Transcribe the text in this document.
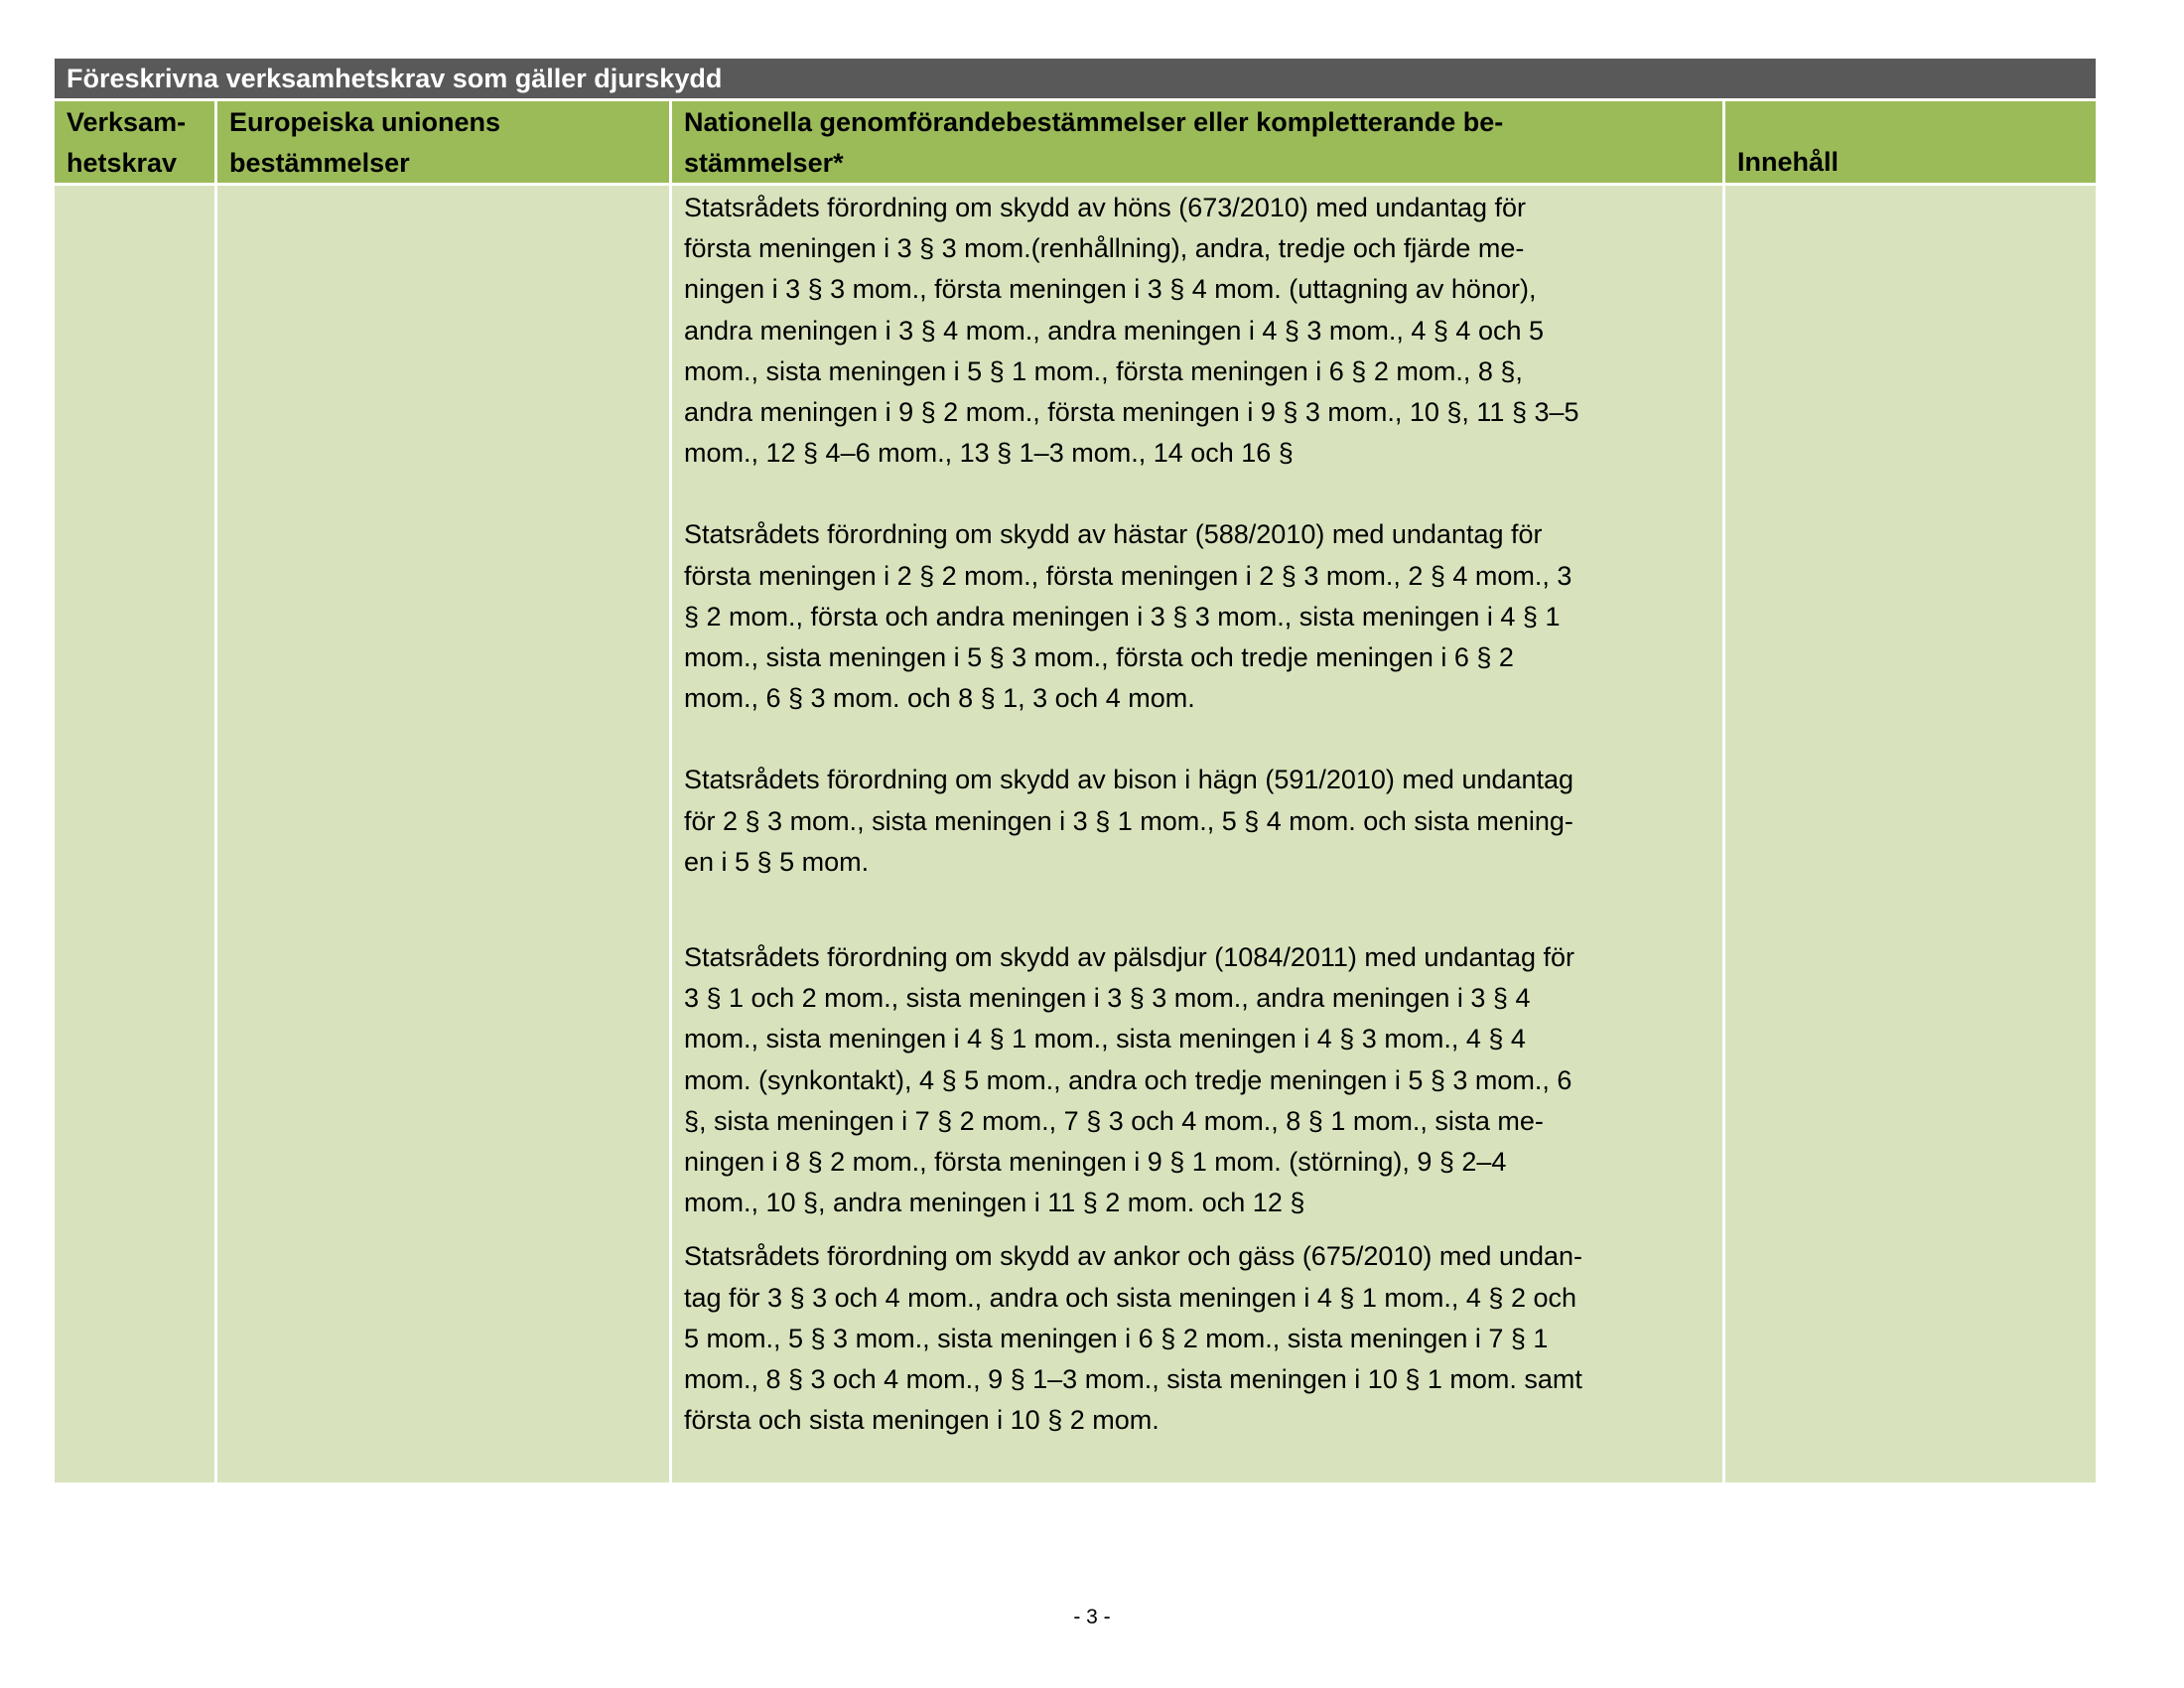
Föreskrivna verksamhetskrav som gäller djurskydd
Verksam-
hetskrav
Europeiska unionens
bestämmelser
Nationella genomförandebestämmelser eller kompletterande be-
stämmelser*	Innehåll

Statsrådets förordning om skydd av höns (673/2010) med undantag för

första meningen i 3 § 3 mom.(renhållning), andra, tredje och fjärde me-

ningen i 3 § 3 mom., första meningen i 3 § 4 mom. (uttagning av hönor),

andra meningen i 3 § 4 mom., andra meningen i 4 § 3 mom., 4 § 4 och 5

mom., sista meningen i 5 § 1 mom., första meningen i 6 § 2 mom., 8 §,

andra meningen i 9 § 2 mom., första meningen i 9 § 3 mom., 10 §, 11 § 3–5

mom., 12 § 4–6 mom., 13 § 1–3 mom., 14 och 16 §

Statsrådets förordning om skydd av hästar (588/2010) med undantag för

första meningen i 2 § 2 mom., första meningen i 2 § 3 mom., 2 § 4 mom., 3

§ 2 mom., första och andra meningen i 3 § 3 mom., sista meningen i 4 § 1

mom., sista meningen i 5 § 3 mom., första och tredje meningen i 6 § 2

mom., 6 § 3 mom. och 8 § 1, 3 och 4 mom.

Statsrådets förordning om skydd av bison i hägn (591/2010) med undantag

för 2 § 3 mom., sista meningen i 3 § 1 mom., 5 § 4 mom. och sista mening-

en i 5 § 5 mom.

Statsrådets förordning om skydd av pälsdjur (1084/2011) med undantag för

3 § 1 och 2 mom., sista meningen i 3 § 3 mom., andra meningen i 3 § 4

mom., sista meningen i 4 § 1 mom., sista meningen i 4 § 3 mom., 4 § 4

mom. (synkontakt), 4 § 5 mom., andra och tredje meningen i 5 § 3 mom., 6

§, sista meningen i 7 § 2 mom., 7 § 3 och 4 mom., 8 § 1 mom., sista me-

ningen i 8 § 2 mom., första meningen i 9 § 1 mom. (störning), 9 § 2–4

mom., 10 §, andra meningen i 11 § 2 mom. och 12 §

Statsrådets förordning om skydd av ankor och gäss (675/2010) med undan-

tag för 3 § 3 och 4 mom., andra och sista meningen i 4 § 1 mom., 4 § 2 och

5 mom., 5 § 3 mom., sista meningen i 6 § 2 mom., sista meningen i 7 § 1

mom., 8 § 3 och 4 mom., 9 § 1–3 mom., sista meningen i 10 § 1 mom. samt

första och sista meningen i 10 § 2 mom.

- 3 -
